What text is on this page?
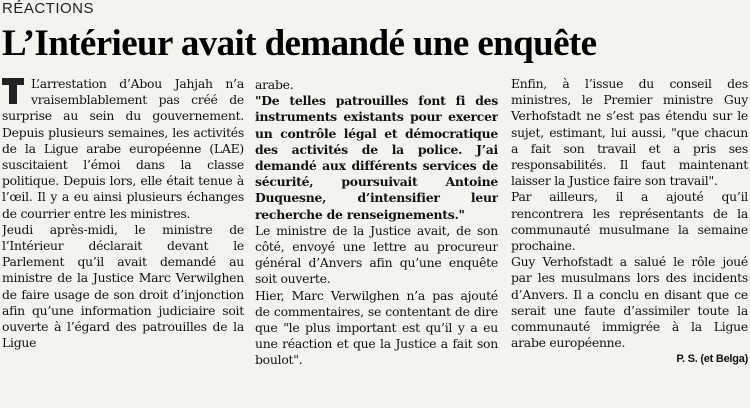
RÉACTIONS
L’Intérieur avait demandé une enquête

L’arrestation d’Abou Jahjah n’a vraisemblablement pas créé de surprise au sein du gouvernement. Depuis plusieurs semaines, les activités de la Ligue arabe européenne (LAE) suscitaient l’émoi dans la classe politique. Depuis lors, elle était tenue à l’œil. Il y a eu ainsi plusieurs échanges de courrier entre les ministres.

Jeudi après-midi, le ministre de l’Intérieur déclarait devant le Parlement qu’il avait demandé au ministre de la Justice Marc Verwilghen de faire usage de son droit d’injonction afin qu’une information judiciaire soit ouverte à l’égard des patrouilles de la Ligue

arabe.

"De telles patrouilles font fi des instruments existants pour exercer un contrôle légal et démocratique des activités de la police. J’ai demandé aux différents services de sécurité, poursuivait Antoine Duquesne, d’intensifier leur recherche de renseignements."

Le ministre de la Justice avait, de son côté, envoyé une lettre au procureur général d’Anvers afin qu’une enquête soit ouverte.

Hier, Marc Verwilghen n’a pas ajouté de commentaires, se contentant de dire que "le plus important est qu’il y a eu une réaction et que la Justice a fait son boulot".

Enfin, à l’issue du conseil des ministres, le Premier ministre Guy Verhofstadt ne s’est pas étendu sur le sujet, estimant, lui aussi, "que chacun a fait son travail et a pris ses responsabilités. Il faut maintenant laisser la Justice faire son travail".

Par ailleurs, il a ajouté qu’il rencontrera les représentants de la communauté musulmane la semaine prochaine.

Guy Verhofstadt a salué le rôle joué par les musulmans lors des incidents d’Anvers. Il a conclu en disant que ce serait une faute d’assimiler toute la communauté immigrée à la Ligue arabe européenne.

P. S. (et Belga)
